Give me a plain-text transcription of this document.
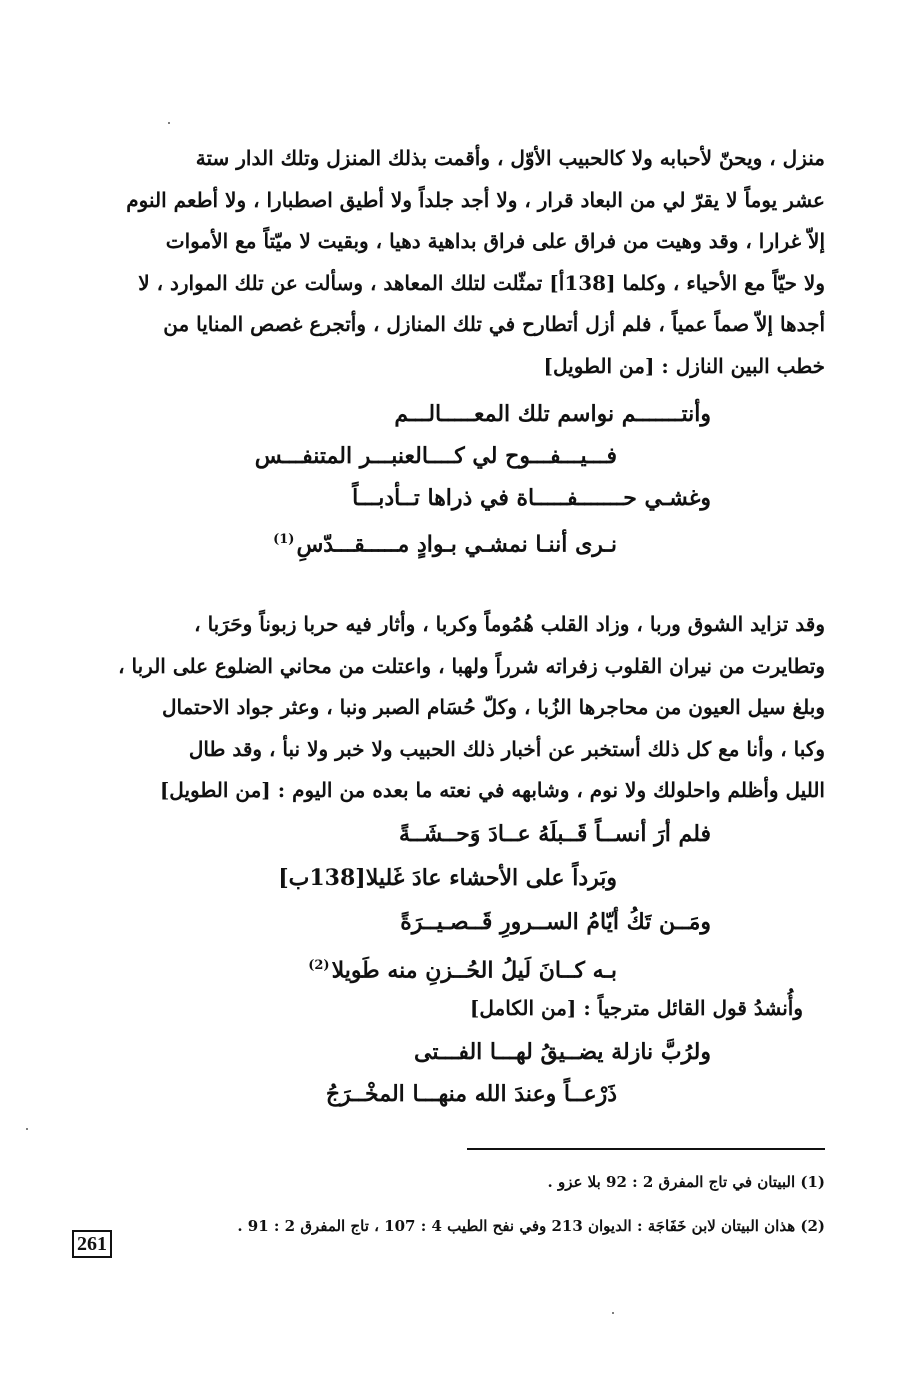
منزل ، ويحنّ لأحبابه ولا كالحبيب الأوّل ، وأقمت بذلك المنزل وتلك الدار ستة
عشر يوماً لا يقرّ لي من البعاد قرار ، ولا أجد جلداً ولا أطيق اصطبارا ، ولا أطعم النوم
إلاّ غرارا ، وقد وهيت من فراق على فراق بداهية دهيا ، وبقيت لا ميّتاً مع الأموات
ولا حيّاً مع الأحياء ، وكلما [138أ] تمثّلت لتلك المعاهد ، وسألت عن تلك الموارد ، لا
أجدها إلاّ صماً عمياً ، فلم أزل أتطارح في تلك المنازل ، وأتجرع غصص المنايا من
خطب البين النازل : [من الطويل]
وأنتـــــــم نواسم تلك المعـــــالـــم
فـــيـــفـــوح لي كــــالعنبـــر المتنفـــس
وغشـي حـــــــفـــــاة في ذراها تــأدبـــاً
نـرى أننـا نمشـي بـوادٍ مـــــقـــدّسِ$^{(1)}$
وقد تزايد الشوق وربا ، وزاد القلب هُمُوماً وكربا ، وأثار فيه حربا زبوناً وحَرَبا ،
وتطايرت من نيران القلوب زفراته شرراً ولهبا ، واعتلت من محاني الضلوع على الربا ،
وبلغ سيل العيون من محاجرها الزُبا ، وكلّ حُسَام الصبر ونبا ، وعثر جواد الاحتمال
وكبا ، وأنا مع كل ذلك أستخبر عن أخبار ذلك الحبيب ولا خبر ولا نبأ ، وقد طال
الليل وأظلم واحلولك ولا نوم ، وشابهه في نعته ما بعده من اليوم : [من الطويل]
فلم أرَ أنســاً قَــبلَهُ عــادَ وَحــشَــةً
وبَرداً على الأحشاء عادَ غَليلا[138ب]
ومَــن تَكُ أيّامُ الســرورِ قَــصـيــرَةً
بـه كــانَ لَيلُ الحُــزنِ منه طَويلا$^{(2)}$
وأُنشدُ قول القائل مترجياً : [من الكامل]
ولرُبَّ نازلة يضــيقُ لهـــا الفـــتى
ذَرْعــاً وعندَ الله منهـــا المخْــرَجُ
(1) البيتان في تاج المفرق 2 : 92 بلا عزو .
(2) هذان البيتان لابن خَفَاجَة : الديوان 213 وفي نفح الطيب 4 : 107 ، تاج المفرق 2 : 91 .
261
